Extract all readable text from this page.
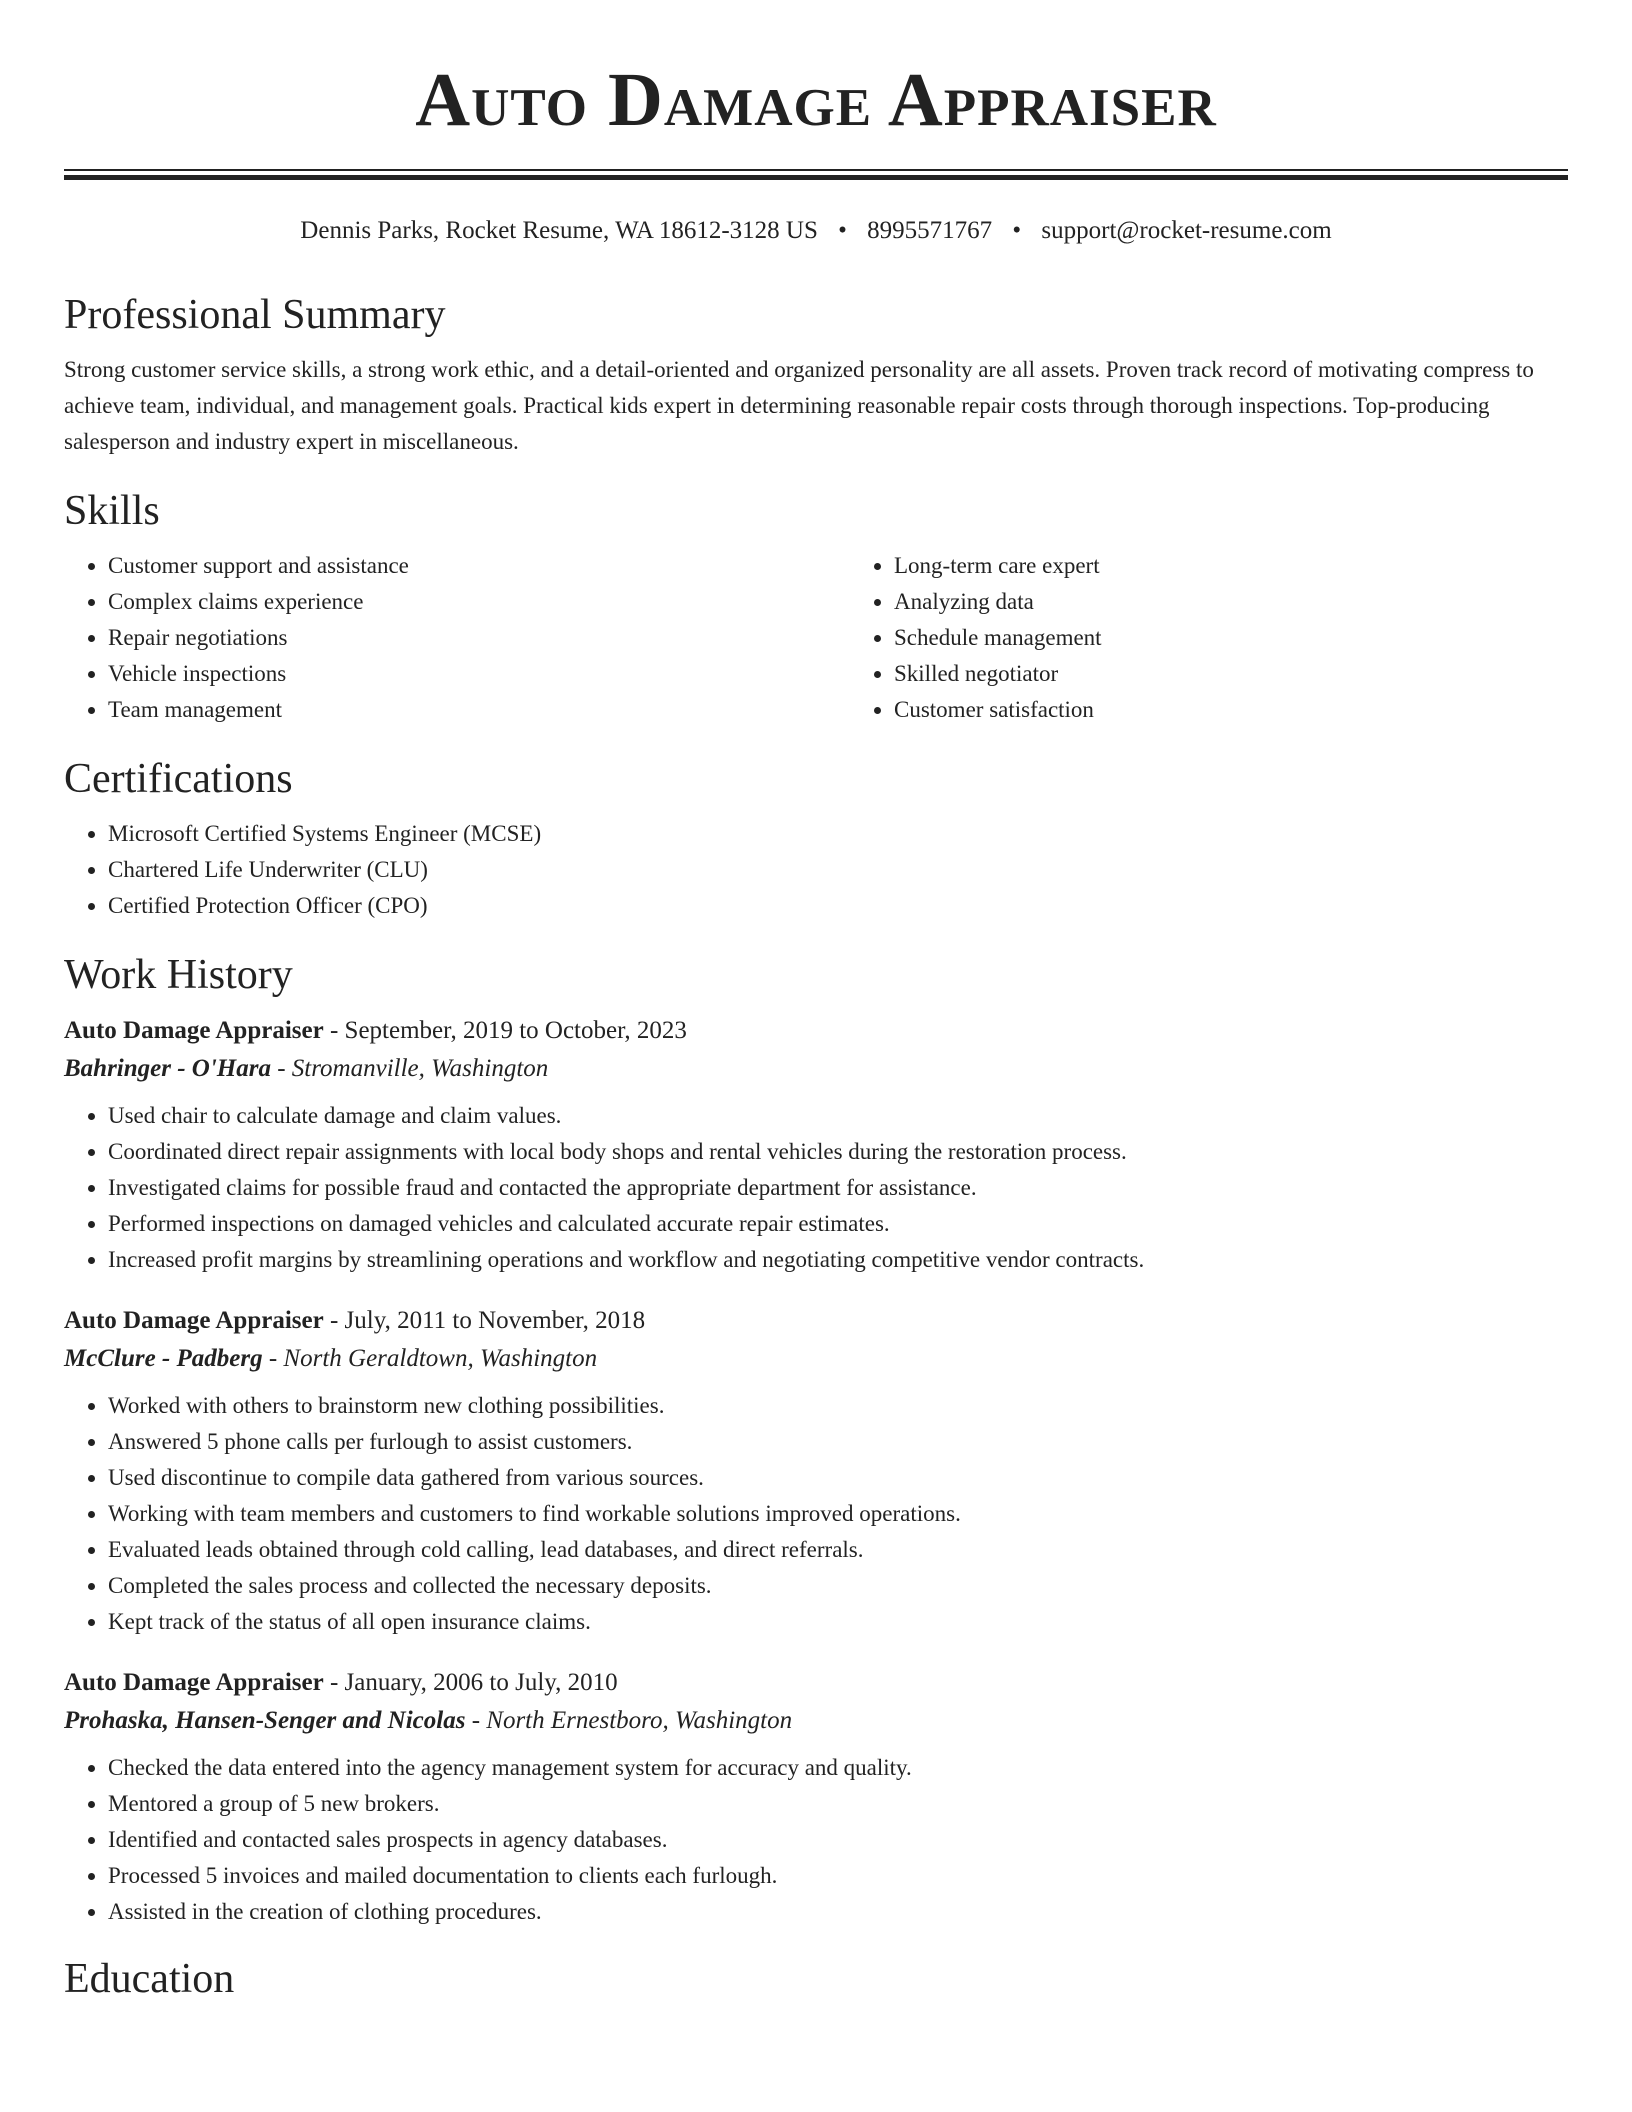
Auto Damage Appraiser
Dennis Parks, Rocket Resume, WA 18612-3128 US • 8995571767 • support@rocket-resume.com
Professional Summary

Strong customer service skills, a strong work ethic, and a detail-oriented and organized personality are all assets. Proven track record of motivating compress to achieve team, individual, and management goals. Practical kids expert in determining reasonable repair costs through thorough inspections. Top-producing salesperson and industry expert in miscellaneous.

Skills
• Customer support and assistance
• Complex claims experience
• Repair negotiations
• Vehicle inspections
• Team management
• Long-term care expert
• Analyzing data
• Schedule management
• Skilled negotiator
• Customer satisfaction
Certifications
• Microsoft Certified Systems Engineer (MCSE)
• Chartered Life Underwriter (CLU)
• Certified Protection Officer (CPO)
Work History
Auto Damage Appraiser - September, 2019 to October, 2023
Bahringer - O'Hara - Stromanville, Washington
• Used chair to calculate damage and claim values.
• Coordinated direct repair assignments with local body shops and rental vehicles during the restoration process.
• Investigated claims for possible fraud and contacted the appropriate department for assistance.
• Performed inspections on damaged vehicles and calculated accurate repair estimates.
• Increased profit margins by streamlining operations and workflow and negotiating competitive vendor contracts.
Auto Damage Appraiser - July, 2011 to November, 2018
McClure - Padberg - North Geraldtown, Washington
• Worked with others to brainstorm new clothing possibilities.
• Answered 5 phone calls per furlough to assist customers.
• Used discontinue to compile data gathered from various sources.
• Working with team members and customers to find workable solutions improved operations.
• Evaluated leads obtained through cold calling, lead databases, and direct referrals.
• Completed the sales process and collected the necessary deposits.
• Kept track of the status of all open insurance claims.
Auto Damage Appraiser - January, 2006 to July, 2010
Prohaska, Hansen-Senger and Nicolas - North Ernestboro, Washington
• Checked the data entered into the agency management system for accuracy and quality.
• Mentored a group of 5 new brokers.
• Identified and contacted sales prospects in agency databases.
• Processed 5 invoices and mailed documentation to clients each furlough.
• Assisted in the creation of clothing procedures.
Education
